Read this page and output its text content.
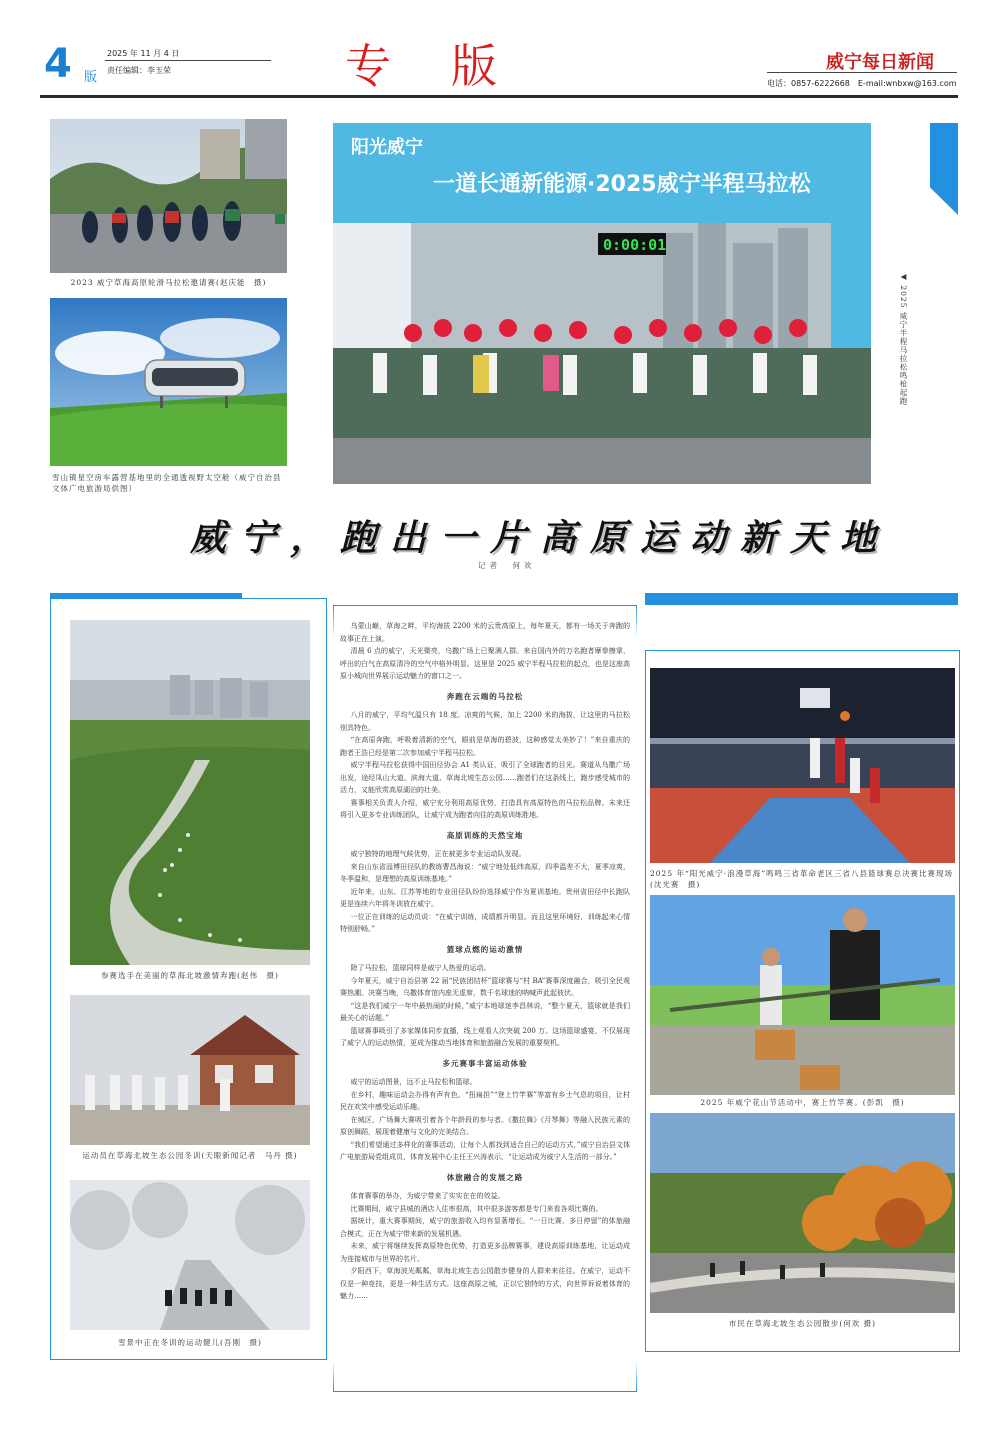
4 版
2025 年 11 月 4 日
责任编辑：李玉荣	专版	威宁每日新闻
电话：0857-6222668　E-mail:wnbxw@163.com
2023 威宁草海高原轮滑马拉松邀请赛(赵庆能　摄)
雪山镇星空房车露营基地里的全通透视野太空舱（威宁自治县文体广电旅游局供图）
阳光威宁
一道长通新能源·2025威宁半程马拉松
0:00:01
◀ 2025 威宁半程马拉松鸣枪起跑
威宁，跑出一片高原运动新天地
记者　何欢
参赛选手在美丽的草海北坡激情奔跑(赵伟　摄)
运动员在草海北坡生态公园冬训(天眼新闻记者　马丹 摄)
雪景中正在冬训的运动健儿(吾刚　摄)

乌蒙山巅，草海之畔，平均海拔 2200 米的云贵高原上，每年夏天，都有一场关于奔跑的故事正在上演。

清晨 6 点的威宁，天光微亮，乌撒广场上已聚满人群。来自国内外的万名跑者摩拳擦掌，呼出的白气在高原清冷的空气中格外明显。这里是 2025 威宁半程马拉松的起点，也是这座高原小城向世界展示运动魅力的窗口之一。

奔跑在云端的马拉松

八月的威宁，平均气温只有 18 度。凉爽的气候，加上 2200 米的海拔，让这里的马拉松别具特色。

“在高原奔跑，呼吸着清新的空气，眼前是草海的碧波，这种感觉太美妙了！”来自重庆的跑者王浩已经是第二次参加威宁半程马拉松。

威宁半程马拉松获得中国田径协会 A1 类认证，吸引了全球跑者的目光。赛道从乌撒广场出发，途经凤山大道、滨海大道、草海北坡生态公园……跑者们在这条线上，跑步感受城市的活力，又能欣赏高原湖泊的壮美。

赛事相关负责人介绍，威宁充分利用高原优势，打造具有高原特色的马拉松品牌。未来还将引入更多专业训练团队，让威宁成为跑者向往的高原训练胜地。

高原训练的天然宝地

威宁独特的地理气候优势，正在被更多专业运动队发现。

来自山东省淄博田径队的教练曹昌海说：“威宁地处低纬高原，四季温差不大，夏季凉爽，冬季温和，是理想的高原训练基地。”

近年来，山东、江苏等地的专业田径队纷纷选择威宁作为夏训基地。贵州省田径中长跑队更是连续六年将冬训放在威宁。

一位正在训练的运动员说：“在威宁训练，成绩都升明显。而且这里环境好，训练起来心情特别舒畅。”

篮球点燃的运动激情

除了马拉松，篮球同样是威宁人热爱的运动。

今年夏天，威宁自治县第 22 届“民族团结杯”篮球赛与“村 BA”赛事深度融合，吸引全民观赛热潮。决赛当晚，乌撒体育馆内座无虚席，数千名球迷的呐喊声此起彼伏。

“这是我们威宁一年中最热闹的时候，”威宁本地球迷李昌林说，“整个夏天，篮球就是我们最关心的话题。”

篮球赛事吸引了多家媒体同步直播，线上观看人次突破 200 万。这场篮球盛宴，不仅展现了威宁人的运动热情，更成为推动当地体育和旅游融合发展的重要契机。

多元赛事丰富运动体验

威宁的运动图景，远不止马拉松和篮球。

在乡村，趣味运动会办得有声有色。“扭扁担”“登上竹竿赛”等富有乡土气息的项目，让村民在欢笑中感受运动乐趣。

在城区，广场舞大赛吸引着各个年龄段的参与者。《撒拉舞》《月琴舞》等融入民族元素的原创舞蹈，展现着健康与文化的完美结合。

“我们希望通过多样化的赛事活动，让每个人都找到适合自己的运动方式，”威宁自治县文体广电旅游局党组成员、体育发展中心主任王兴涛表示，“让运动成为威宁人生活的一部分。”

体旅融合的发展之路

体育赛事的举办，为威宁带来了实实在在的效益。

比赛期间，威宁县城的酒店入住率很高，其中很多游客都是专门来看各项比赛的。

据统计，重大赛事期间，威宁的旅游收入均有显著增长。“一日比赛，多日停留”的体旅融合模式，正在为威宁带来新的发展机遇。

未来，威宁将继续发挥高原特色优势，打造更多品牌赛事，建设高原训练基地，让运动成为连接城市与世界的名片。

夕阳西下，草海波光粼粼，草海北坡生态公园散步健身的人群来来往往。在威宁，运动不仅是一种竞技，更是一种生活方式。这座高原之城，正以它独特的方式，向世界诉说着体育的魅力……

2025 年“阳光威宁·浪漫草海”鸣鸣三省革命老区三省八县篮球赛总决赛比赛现场(沈光赛　摄)
2025 年威宁花山节活动中，赛上竹竿赛。(彭凯　摄)
市民在草海北坡生态公园散步(何欢 摄)
